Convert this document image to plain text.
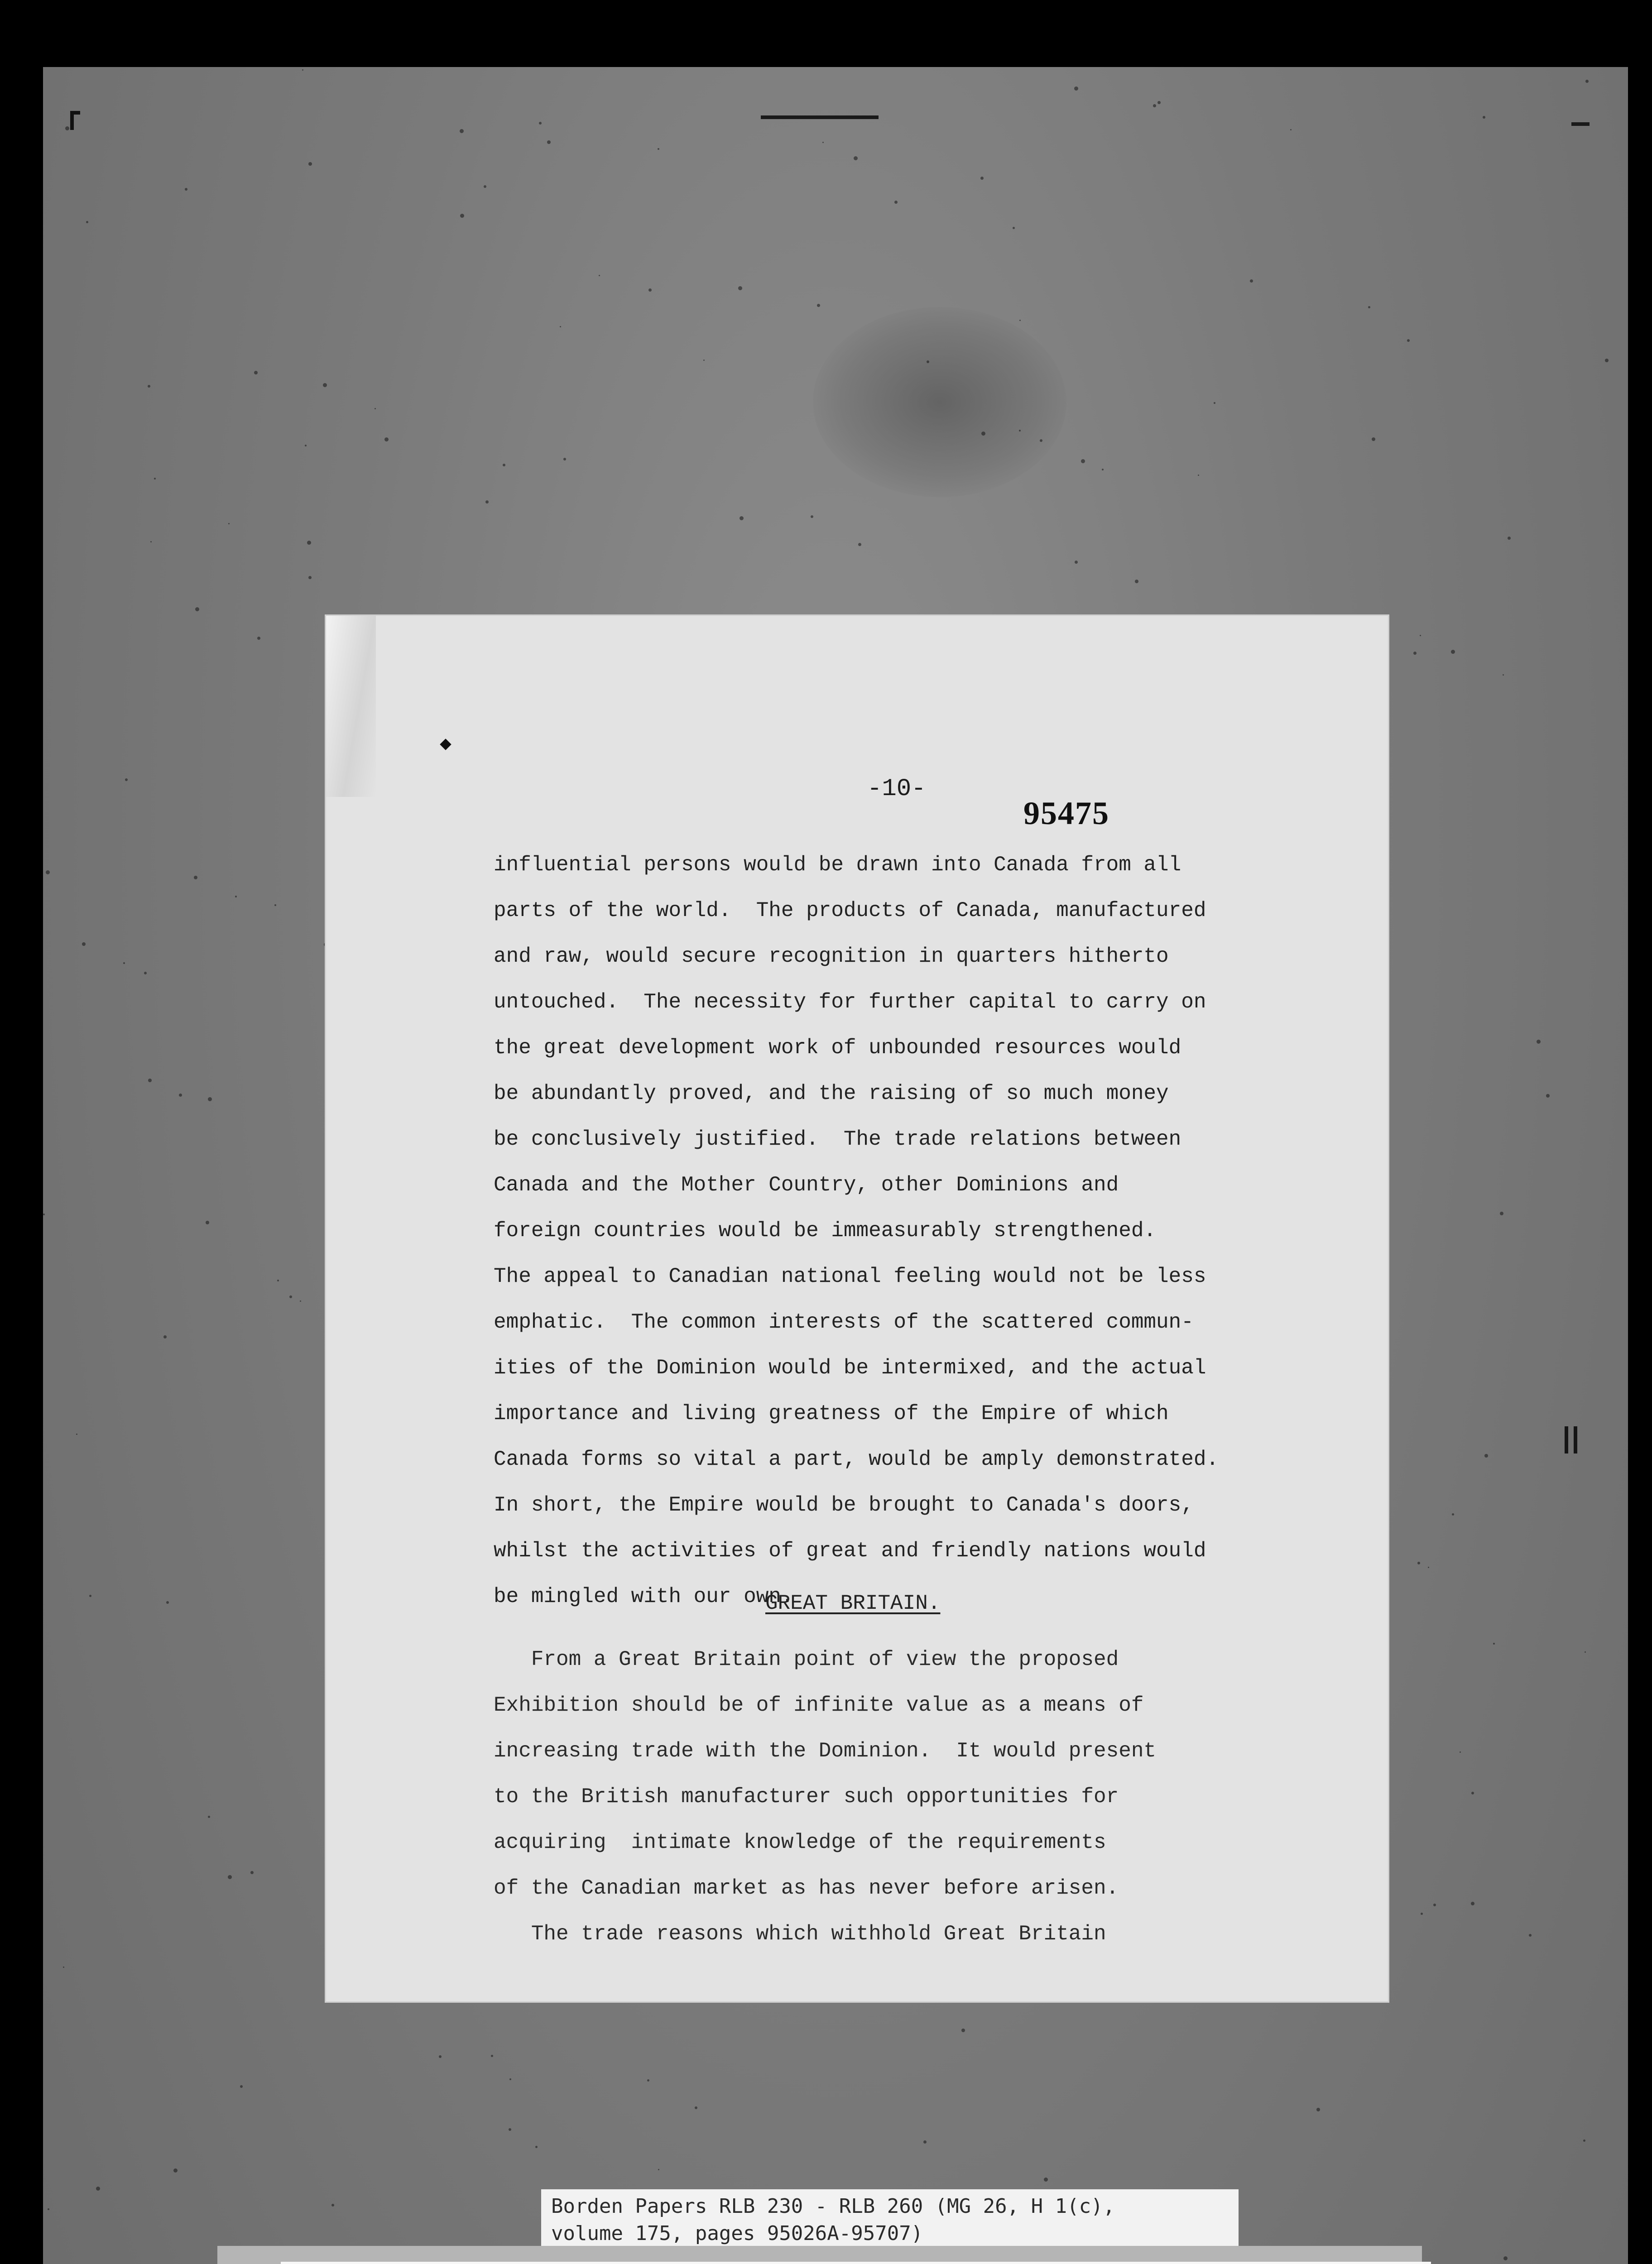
-10-
95475
influential persons would be drawn into Canada from all
parts of the world.  The products of Canada, manufactured
and raw, would secure recognition in quarters hitherto
untouched.  The necessity for further capital to carry on
the great development work of unbounded resources would
be abundantly proved, and the raising of so much money
be conclusively justified.  The trade relations between
Canada and the Mother Country, other Dominions and
foreign countries would be immeasurably strengthened.
The appeal to Canadian national feeling would not be less
emphatic.  The common interests of the scattered commun-
ities of the Dominion would be intermixed, and the actual
importance and living greatness of the Empire of which
Canada forms so vital a part, would be amply demonstrated.
In short, the Empire would be brought to Canada's doors,
whilst the activities of great and friendly nations would
be mingled with our own.
GREAT BRITAIN.
From a Great Britain point of view the proposed
Exhibition should be of infinite value as a means of
increasing trade with the Dominion.  It would present
to the British manufacturer such opportunities for
acquiring  intimate knowledge of the requirements
of the Canadian market as has never before arisen.
The trade reasons which withhold Great Britain
Borden Papers RLB 230 - RLB 260 (MG 26, H 1(c),
volume 175, pages 95026A-95707)
